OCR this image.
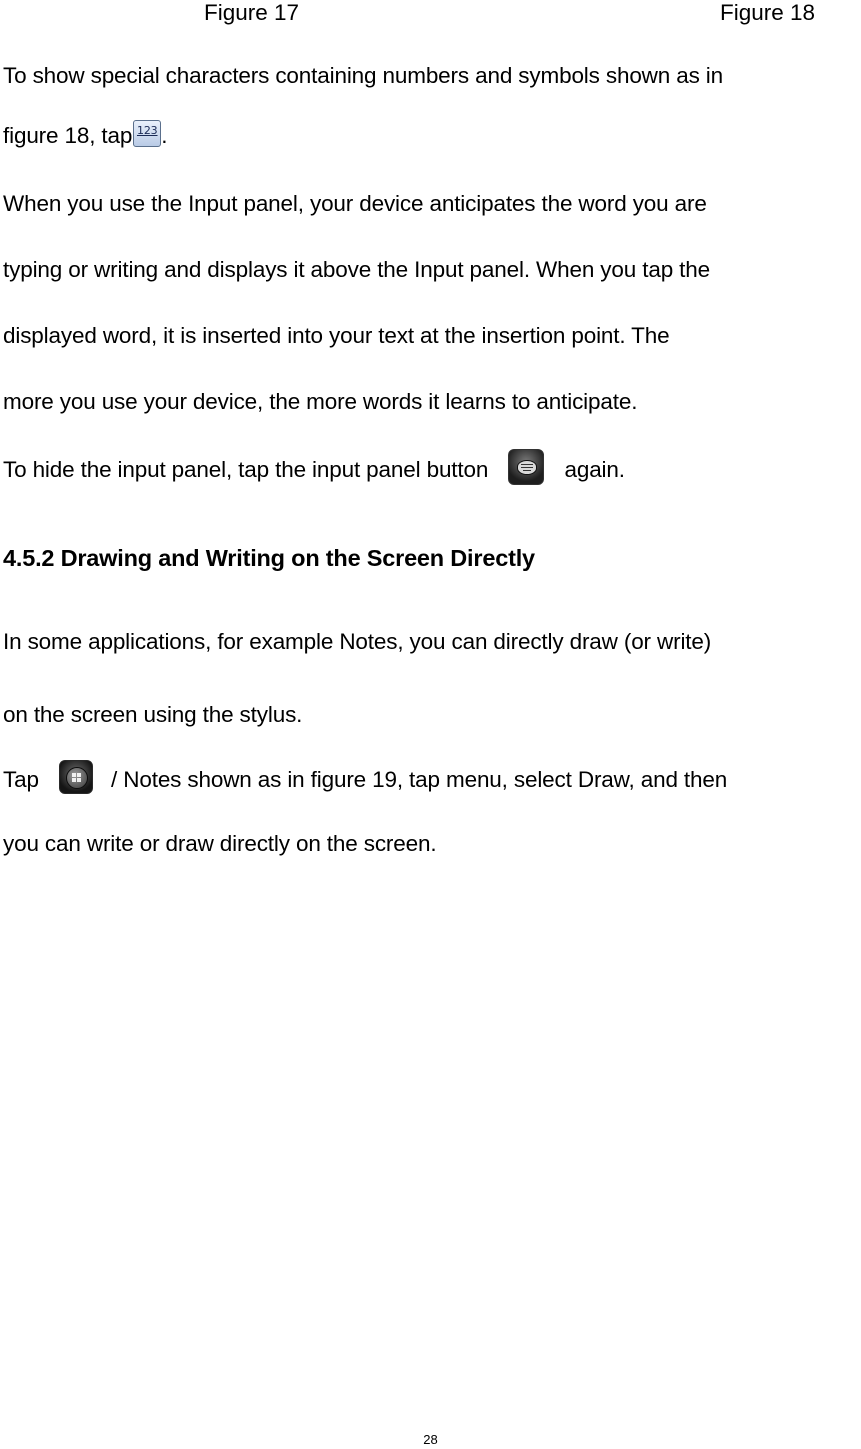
Figure 17	Figure 18
To show special characters containing numbers and symbols shown as in
figure 18, tap 123 .
When you use the Input panel, your device anticipates the word you are
typing or writing and displays it above the Input panel. When you tap the
displayed word, it is inserted into your text at the insertion point. The
more you use your device, the more words it learns to anticipate.
To hide the input panel, tap the input panel button	again.
4.5.2 Drawing and Writing on the Screen Directly
In some applications, for example Notes, you can directly draw (or write)
on the screen using the stylus.
Tap	/ Notes shown as in figure 19, tap menu, select Draw, and then
you can write or draw directly on the screen.
28
